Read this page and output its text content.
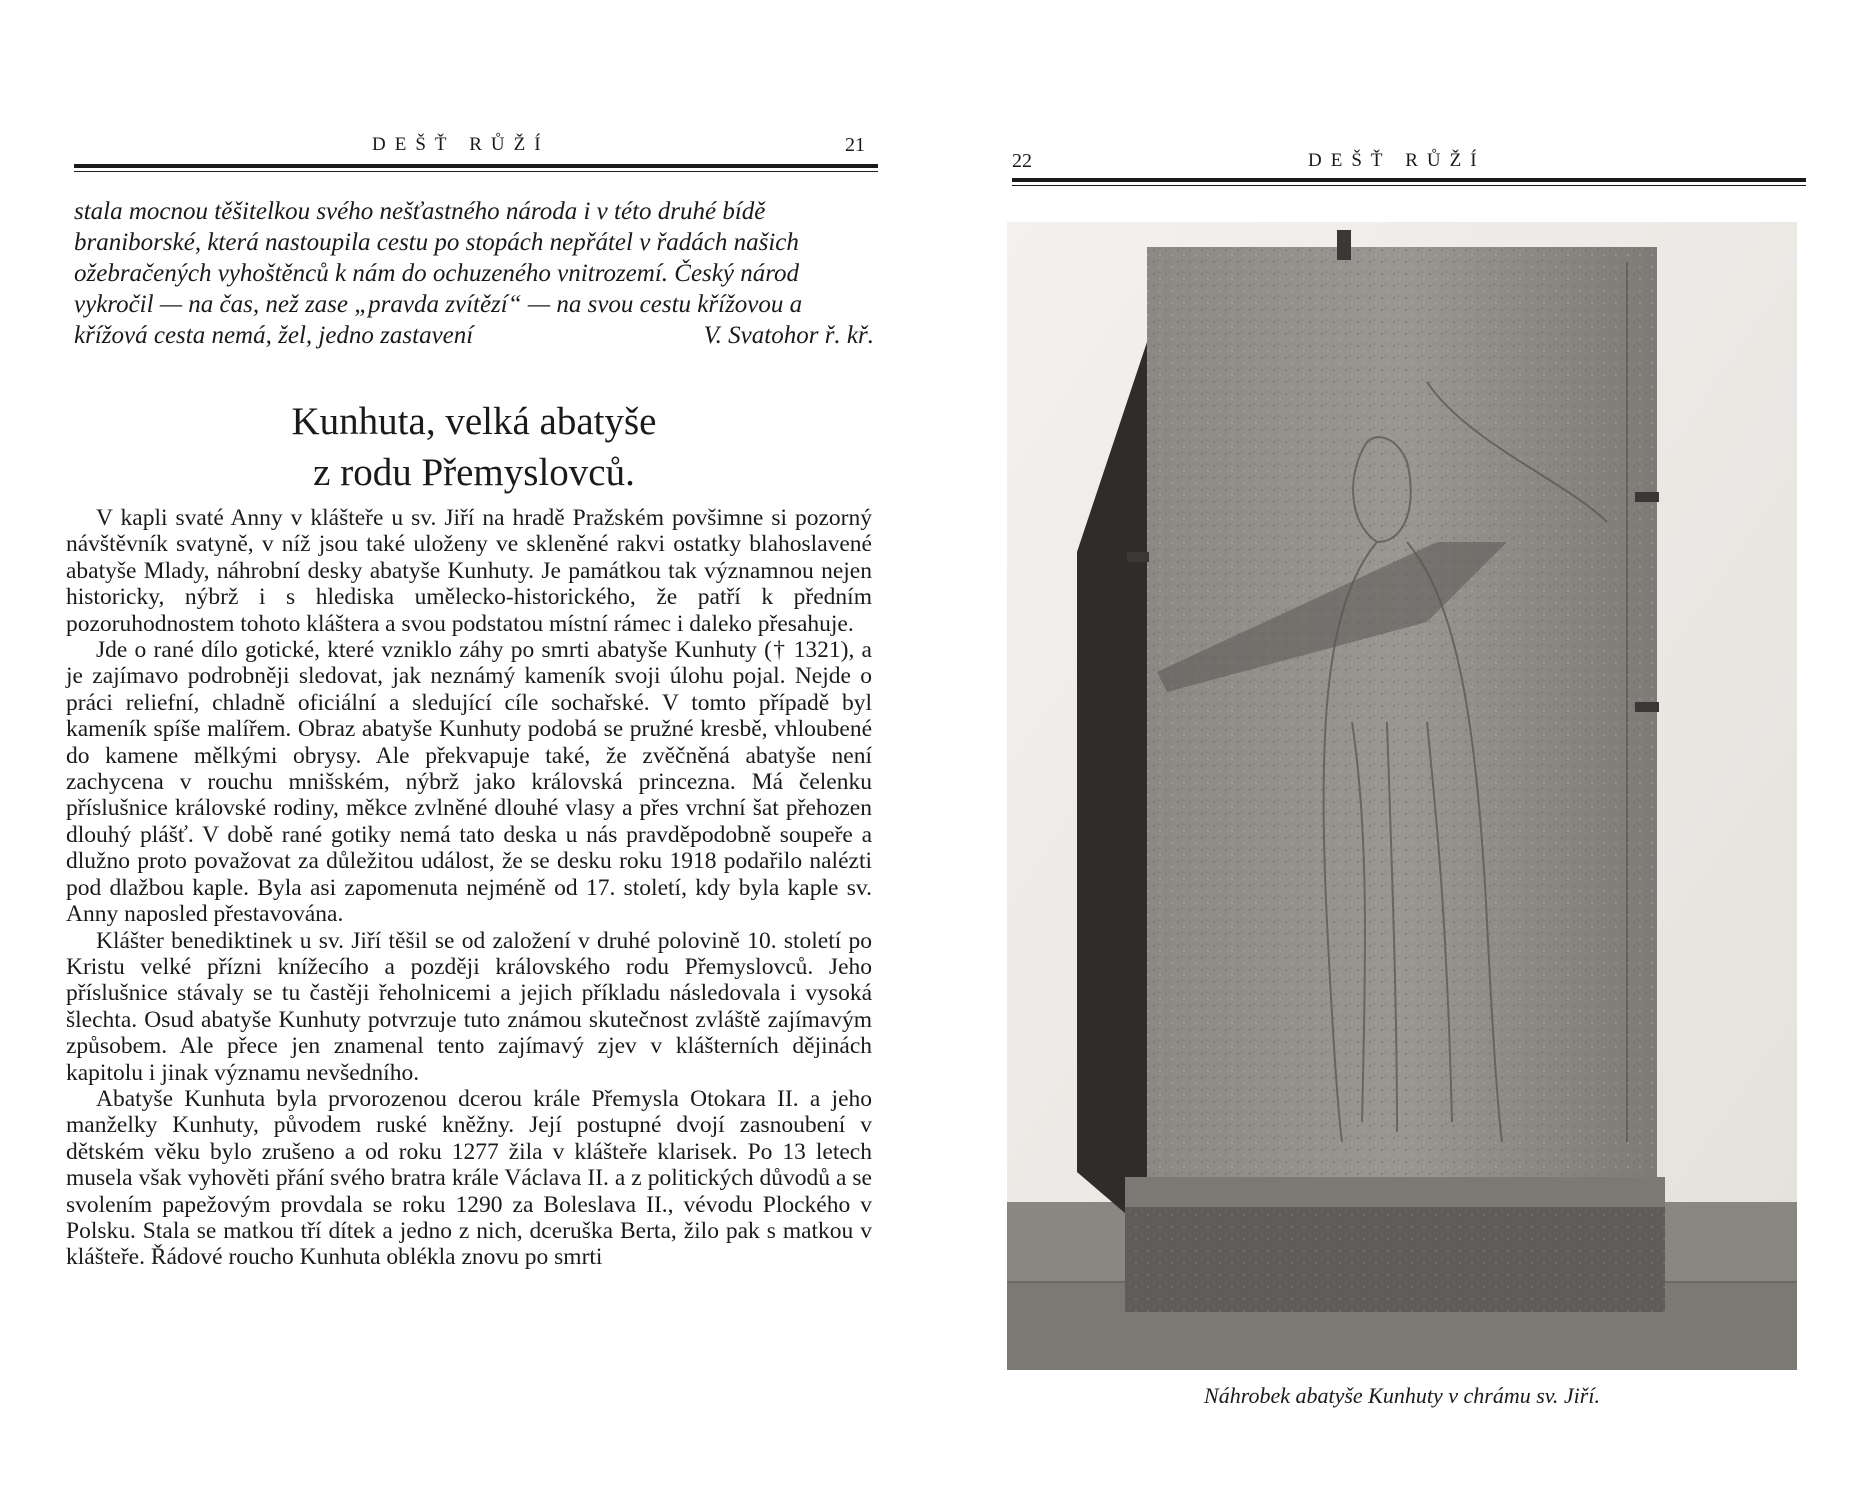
DEŠŤ RŮŽÍ	21

stala mocnou těšitelkou svého nešťastného národa i v této druhé bídě braniborské, která nastoupila cestu po stopách nepřátel v řadách našich ožebračených vyhoštěnců k nám do ochuzeného vnitrozemí. Český národ vykročil — na čas, než zase „pravda zvítězí“ — na svou cestu křížovou a křížová cesta nemá, žel, jedno zastavení	V. Svatohor ř. kř.

Kunhuta, velká abatyše
z rodu Přemyslovců.

V kapli svaté Anny v klášteře u sv. Jiří na hradě Pražském povšimne si pozorný návštěvník svatyně, v níž jsou také uloženy ve skleněné rakvi ostatky blahoslavené abatyše Mlady, náhrobní desky abatyše Kunhuty. Je památkou tak významnou nejen historicky, nýbrž i s hlediska umělecko-historického, že patří k předním pozoruhodnostem tohoto kláštera a svou podstatou místní rámec i daleko přesahuje.

Jde o rané dílo gotické, které vzniklo záhy po smrti abatyše Kunhuty († 1321), a je zajímavo podrobněji sledovat, jak neznámý kameník svoji úlohu pojal. Nejde o práci reliefní, chladně oficiální a sledující cíle sochařské. V tomto případě byl kameník spíše malířem. Obraz abatyše Kunhuty podobá se pružné kresbě, vhloubené do kamene mělkými obrysy. Ale překvapuje také, že zvěčněná abatyše není zachycena v rouchu mnišském, nýbrž jako královská princezna. Má čelenku příslušnice královské rodiny, měkce zvlněné dlouhé vlasy a přes vrchní šat přehozen dlouhý plášť. V době rané gotiky nemá tato deska u nás pravděpodobně soupeře a dlužno proto považovat za důležitou událost, že se desku roku 1918 podařilo nalézti pod dlažbou kaple. Byla asi zapomenuta nejméně od 17. století, kdy byla kaple sv. Anny naposled přestavována.

Klášter benediktinek u sv. Jiří těšil se od založení v druhé polovině 10. století po Kristu velké přízni knížecího a později královského rodu Přemyslovců. Jeho příslušnice stávaly se tu častěji řeholnicemi a jejich příkladu následovala i vysoká šlechta. Osud abatyše Kunhuty potvrzuje tuto známou skutečnost zvláště zajímavým způsobem. Ale přece jen znamenal tento zajímavý zjev v klášterních dějinách kapitolu i jinak významu nevšedního.

Abatyše Kunhuta byla prvorozenou dcerou krále Přemysla Otokara II. a jeho manželky Kunhuty, původem ruské kněžny. Její postupné dvojí zasnoubení v dětském věku bylo zrušeno a od roku 1277 žila v klášteře klarisek. Po 13 letech musela však vyhověti přání svého bratra krále Václava II. a z politických důvodů a se svolením papežovým provdala se roku 1290 za Boleslava II., vévodu Plockého v Polsku. Stala se matkou tří dítek a jedno z nich, dceruška Berta, žilo pak s matkou v klášteře. Řádové roucho Kunhuta oblékla znovu po smrti

22	DEŠŤ RŮŽÍ
Náhrobek abatyše Kunhuty v chrámu sv. Jiří.
